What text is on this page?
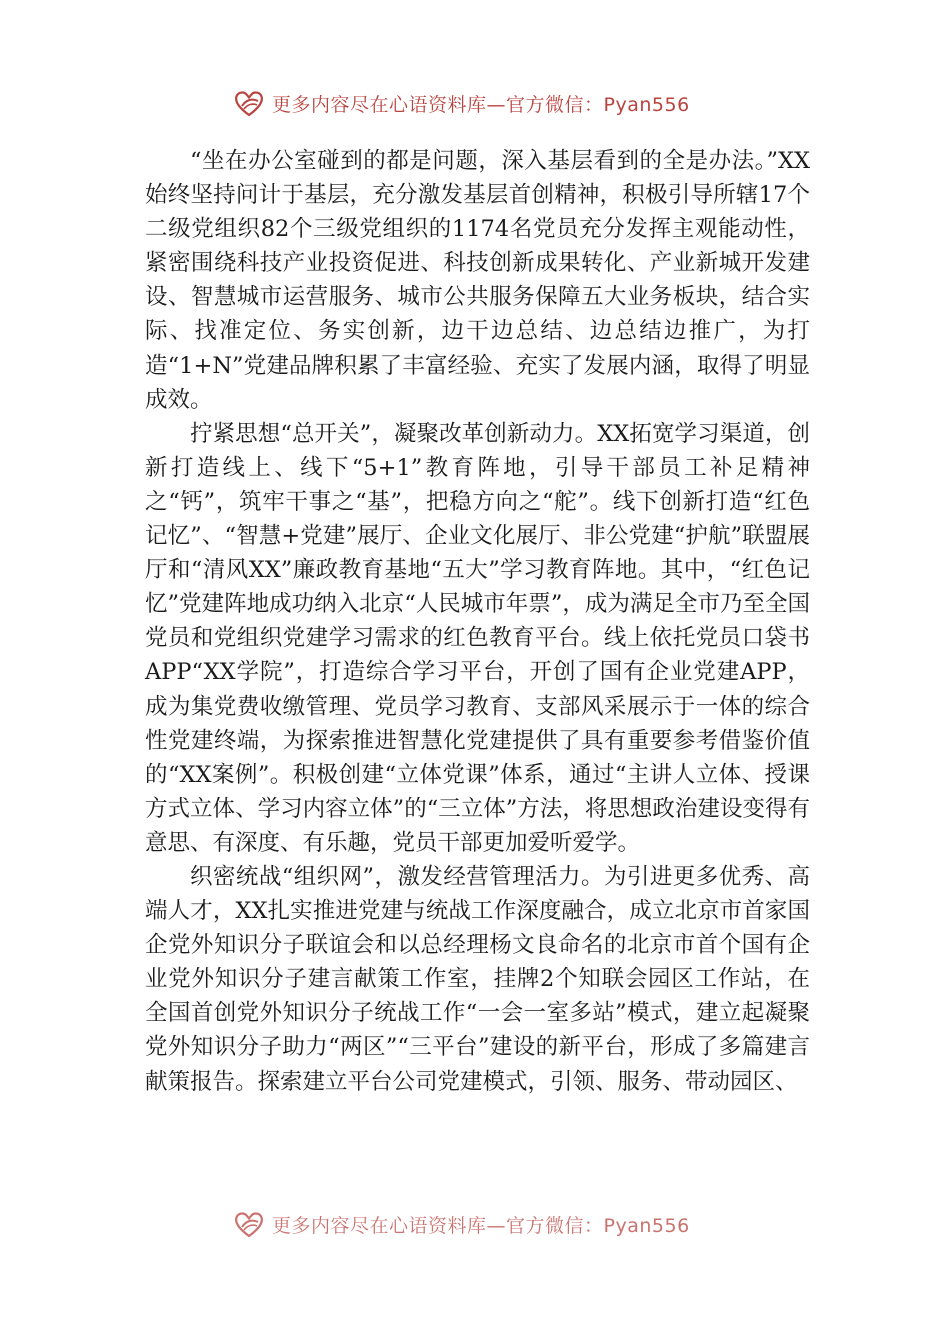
更多内容尽在心语资料库—官方微信：Pyan556

“坐在办公室碰到的都是问题，深入基层看到的全是办法。”XX始终坚持问计于基层，充分激发基层首创精神，积极引导所辖17个二级党组织82个三级党组织的1174名党员充分发挥主观能动性，紧密围绕科技产业投资促进、科技创新成果转化、产业新城开发建设、智慧城市运营服务、城市公共服务保障五大业务板块，结合实际、找准定位、务实创新，边干边总结、边总结边推广，为打造“1+N”党建品牌积累了丰富经验、充实了发展内涵，取得了明显成效。

拧紧思想“总开关”，凝聚改革创新动力。XX拓宽学习渠道，创新打造线上、线下“5+1”教育阵地，引导干部员工补足精神之“钙”，筑牢干事之“基”，把稳方向之“舵”。线下创新打造“红色记忆”、“智慧+党建”展厅、企业文化展厅、非公党建“护航”联盟展厅和“清风XX”廉政教育基地“五大”学习教育阵地。其中，“红色记忆”党建阵地成功纳入北京“人民城市年票”，成为满足全市乃至全国党员和党组织党建学习需求的红色教育平台。线上依托党员口袋书APP“XX学院”，打造综合学习平台，开创了国有企业党建APP，成为集党费收缴管理、党员学习教育、支部风采展示于一体的综合性党建终端，为探索推进智慧化党建提供了具有重要参考借鉴价值的“XX案例”。积极创建“立体党课”体系，通过“主讲人立体、授课方式立体、学习内容立体”的“三立体”方法，将思想政治建设变得有意思、有深度、有乐趣，党员干部更加爱听爱学。

织密统战“组织网”，激发经营管理活力。为引进更多优秀、高端人才，XX扎实推进党建与统战工作深度融合，成立北京市首家国企党外知识分子联谊会和以总经理杨文良命名的北京市首个国有企业党外知识分子建言献策工作室，挂牌2个知联会园区工作站，在全国首创党外知识分子统战工作“一会一室多站”模式，建立起凝聚党外知识分子助力“两区”“三平台”建设的新平台，形成了多篇建言献策报告。探索建立平台公司党建模式，引领、服务、带动园区、

更多内容尽在心语资料库—官方微信：Pyan556
